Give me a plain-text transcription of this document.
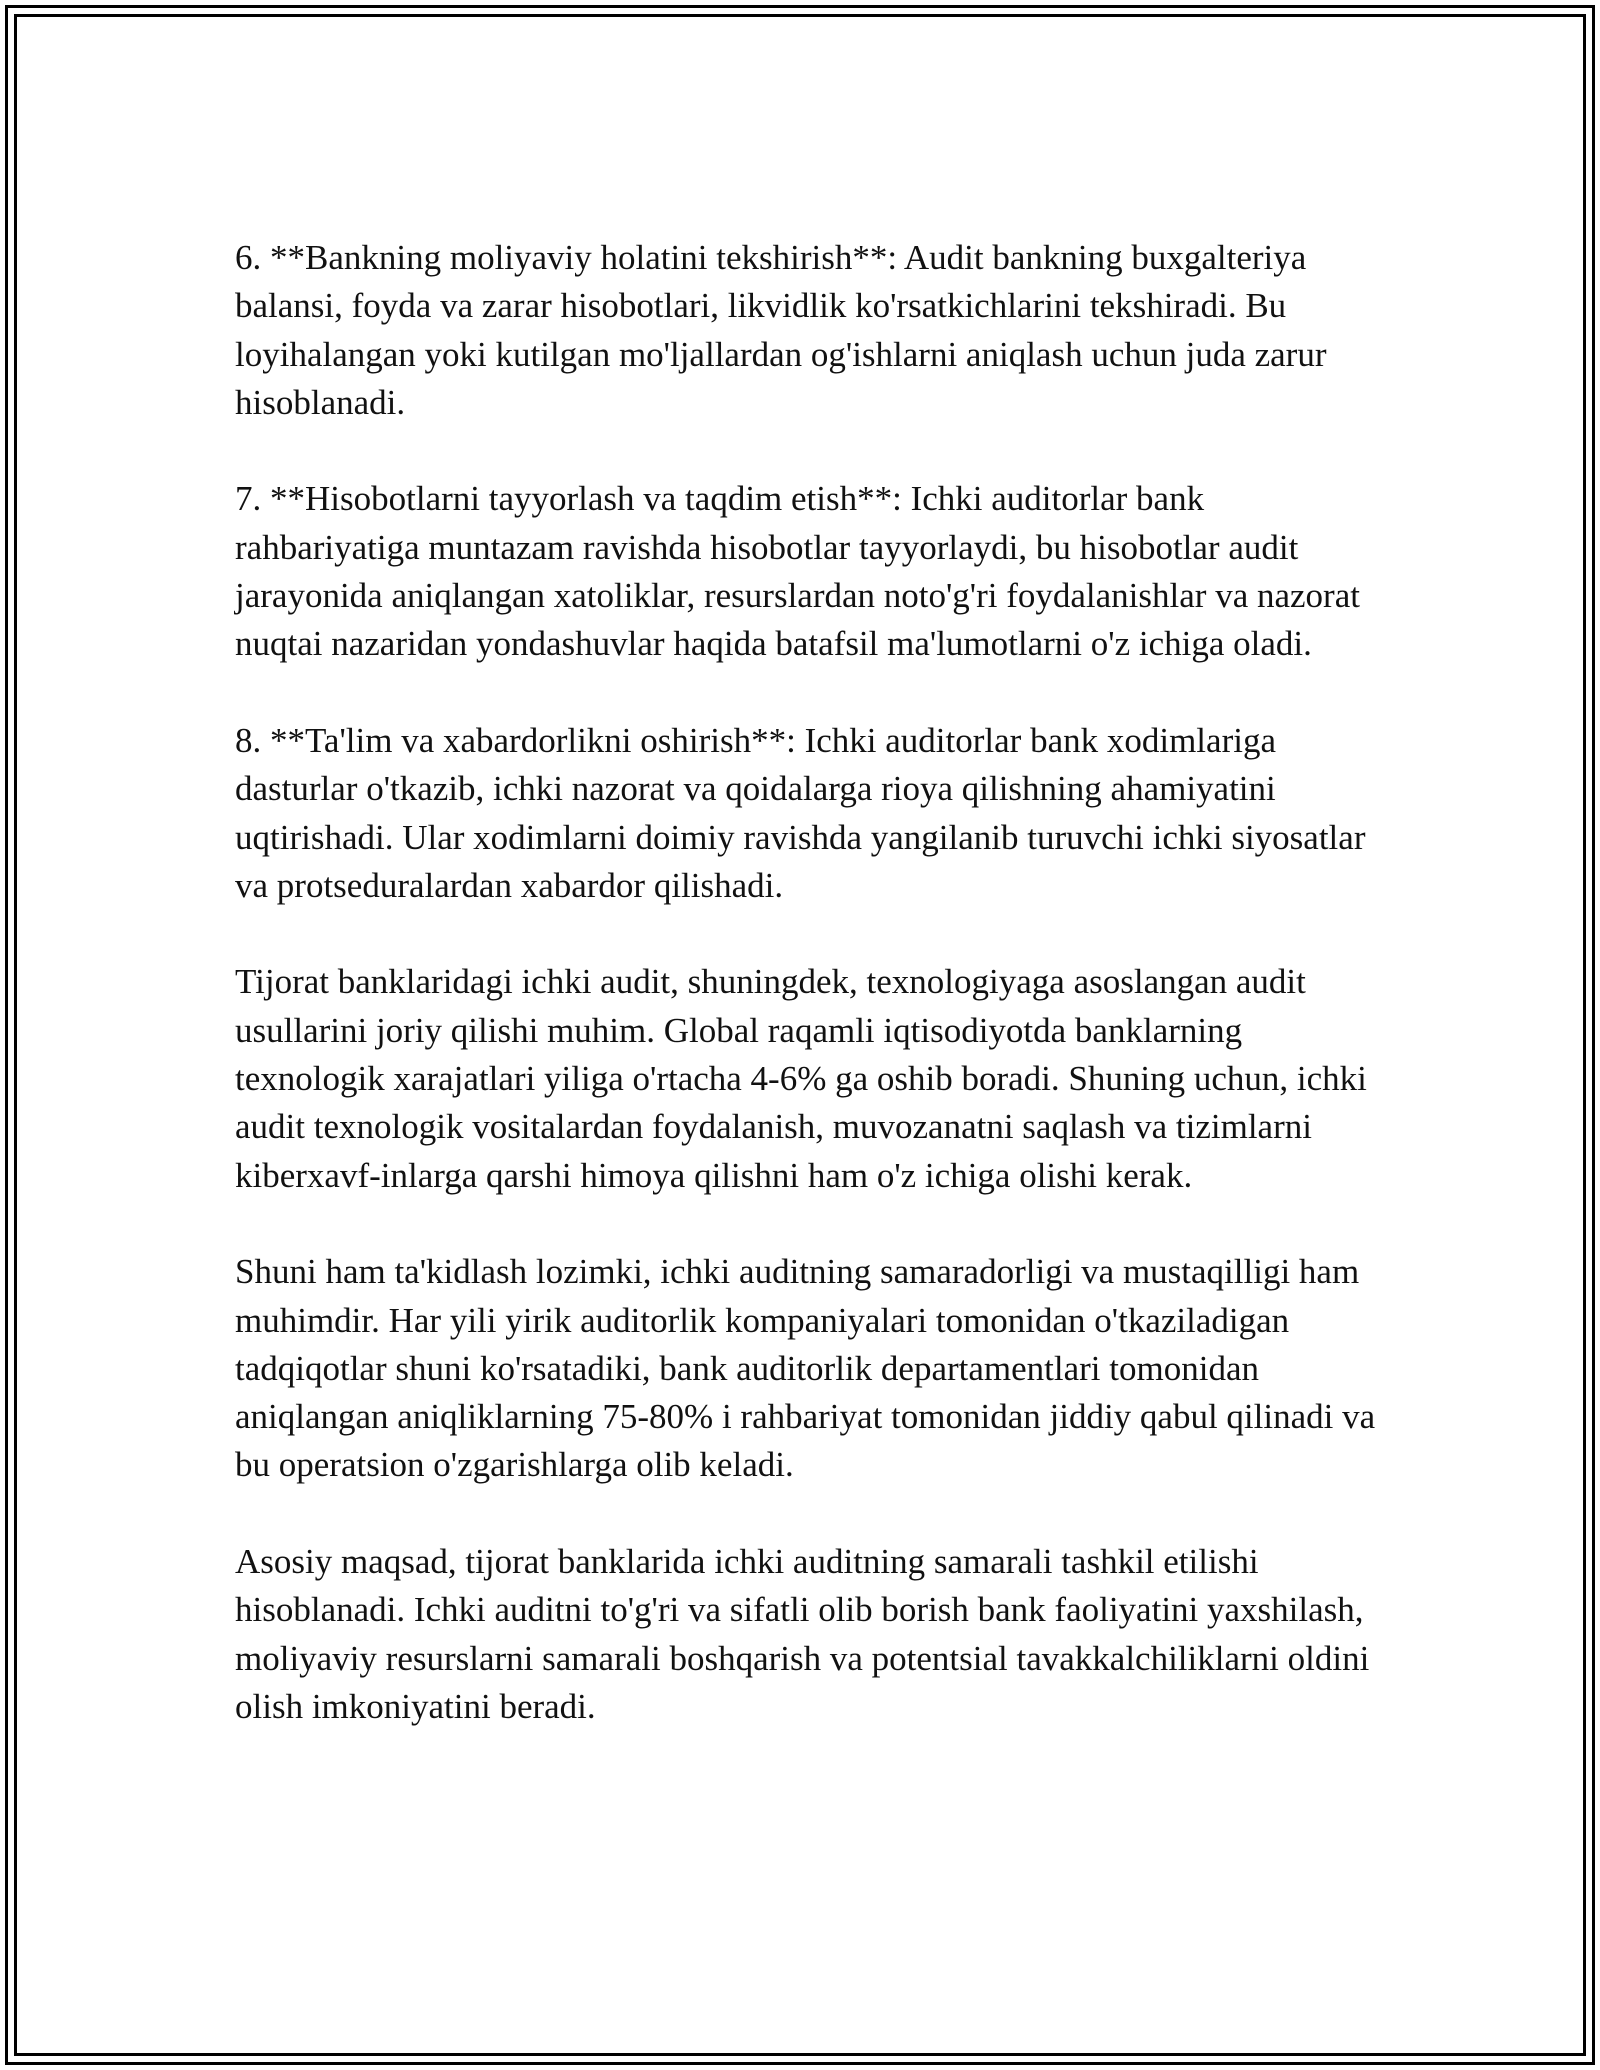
6. **Bankning moliyaviy holatini tekshirish**: Audit bankning buxgalteriya balansi, foyda va zarar hisobotlari, likvidlik ko'rsatkichlarini tekshiradi. Bu loyihalangan yoki kutilgan mo'ljallardan og'ishlarni aniqlash uchun juda zarur hisoblanadi.

7. **Hisobotlarni tayyorlash va taqdim etish**: Ichki auditorlar bank rahbariyatiga muntazam ravishda hisobotlar tayyorlaydi, bu hisobotlar audit jarayonida aniqlangan xatoliklar, resurslardan noto'g'ri foydalanishlar va nazorat nuqtai nazaridan yondashuvlar haqida batafsil ma'lumotlarni o'z ichiga oladi.

8. **Ta'lim va xabardorlikni oshirish**: Ichki auditorlar bank xodimlariga dasturlar o'tkazib, ichki nazorat va qoidalarga rioya qilishning ahamiyatini uqtirishadi. Ular xodimlarni doimiy ravishda yangilanib turuvchi ichki siyosatlar va protseduralardan xabardor qilishadi.

Tijorat banklaridagi ichki audit, shuningdek, texnologiyaga asoslangan audit usullarini joriy qilishi muhim. Global raqamli iqtisodiyotda banklarning texnologik xarajatlari yiliga o'rtacha 4-6% ga oshib boradi. Shuning uchun, ichki audit texnologik vositalardan foydalanish, muvozanatni saqlash va tizimlarni kiberxavf-inlarga qarshi himoya qilishni ham o'z ichiga olishi kerak.

Shuni ham ta'kidlash lozimki, ichki auditning samaradorligi va mustaqilligi ham muhimdir. Har yili yirik auditorlik kompaniyalari tomonidan o'tkaziladigan tadqiqotlar shuni ko'rsatadiki, bank auditorlik departamentlari tomonidan aniqlangan aniqliklarning 75-80% i rahbariyat tomonidan jiddiy qabul qilinadi va bu operatsion o'zgarishlarga olib keladi.

Asosiy maqsad, tijorat banklarida ichki auditning samarali tashkil etilishi hisoblanadi. Ichki auditni to'g'ri va sifatli olib borish bank faoliyatini yaxshilash, moliyaviy resurslarni samarali boshqarish va potentsial tavakkalchiliklarni oldini olish imkoniyatini beradi.
